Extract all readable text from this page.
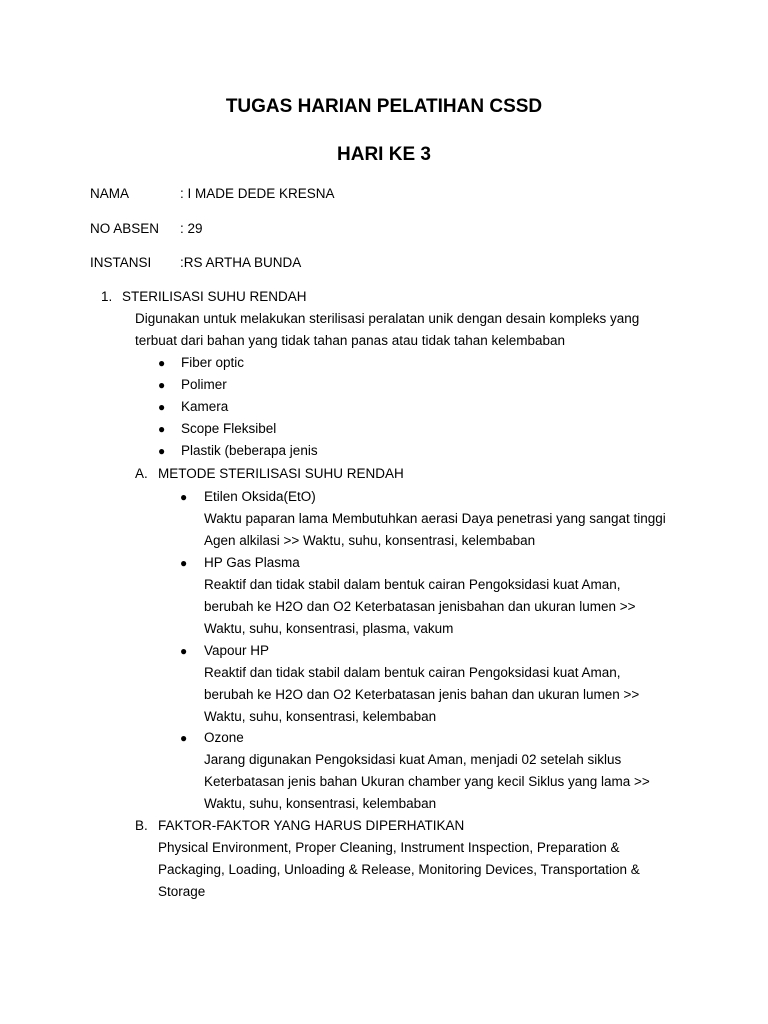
TUGAS HARIAN PELATIHAN CSSD
HARI KE 3
NAMA	: I MADE DEDE KRESNA
NO ABSEN : 29
INSTANSI :RS ARTHA BUNDA
1. STERILISASI SUHU RENDAH
Digunakan untuk melakukan sterilisasi peralatan unik dengan desain kompleks yang
terbuat dari bahan yang tidak tahan panas atau tidak tahan kelembaban
● Fiber optic
● Polimer
● Kamera
● Scope Fleksibel
● Plastik (beberapa jenis
A. METODE STERILISASI SUHU RENDAH
● Etilen Oksida(EtO)
Waktu paparan lama Membutuhkan aerasi Daya penetrasi yang sangat tinggi
Agen alkilasi >> Waktu, suhu, konsentrasi, kelembaban
● HP Gas Plasma
Reaktif dan tidak stabil dalam bentuk cairan Pengoksidasi kuat Aman,
berubah ke H2O dan O2 Keterbatasan jenisbahan dan ukuran lumen >>
Waktu, suhu, konsentrasi, plasma, vakum
● Vapour HP
Reaktif dan tidak stabil dalam bentuk cairan Pengoksidasi kuat Aman,
berubah ke H2O dan O2 Keterbatasan jenis bahan dan ukuran lumen >>
Waktu, suhu, konsentrasi, kelembaban
● Ozone
Jarang digunakan Pengoksidasi kuat Aman, menjadi 02 setelah siklus
Keterbatasan jenis bahan Ukuran chamber yang kecil Siklus yang lama >>
Waktu, suhu, konsentrasi, kelembaban
B. FAKTOR-FAKTOR YANG HARUS DIPERHATIKAN
Physical Environment, Proper Cleaning, Instrument Inspection, Preparation &
Packaging, Loading, Unloading & Release, Monitoring Devices, Transportation &
Storage
